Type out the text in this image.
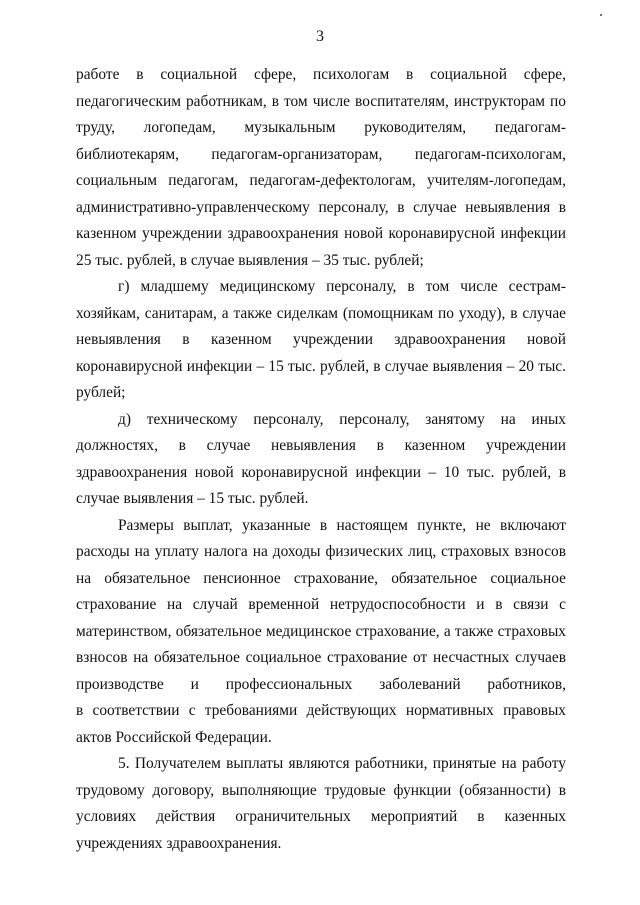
3
работе в социальной сфере, психологам в социальной сфере,
педагогическим работникам, в том числе воспитателям, инструкторам по
труду, логопедам, музыкальным руководителям, педагогам-
библиотекарям, педагогам-организаторам, педагогам-психологам,
социальным педагогам, педагогам-дефектологам, учителям-логопедам,
административно-управленческому персоналу, в случае невыявления в
казенном учреждении здравоохранения новой коронавирусной инфекции
25 тыс. рублей, в случае выявления – 35 тыс. рублей;
г) младшему медицинскому персоналу, в том числе сестрам-
хозяйкам, санитарам, а также сиделкам (помощникам по уходу), в случае
невыявления в казенном учреждении здравоохранения новой
коронавирусной инфекции – 15 тыс. рублей, в случае выявления – 20 тыс.
рублей;
д) техническому персоналу, персоналу, занятому на иных
должностях, в случае невыявления в казенном учреждении
здравоохранения новой коронавирусной инфекции – 10 тыс. рублей, в
случае выявления – 15 тыс. рублей.
Размеры выплат, указанные в настоящем пункте, не включают
расходы на уплату налога на доходы физических лиц, страховых взносов
на обязательное пенсионное страхование, обязательное социальное
страхование на случай временной нетрудоспособности и в связи с
материнством, обязательное медицинское страхование, а также страховых
взносов на обязательное социальное страхование от несчастных случаев
производстве и профессиональных заболеваний работников,
в соответствии с требованиями действующих нормативных правовых
актов Российской Федерации.
5. Получателем выплаты являются работники, принятые на работу
трудовому договору, выполняющие трудовые функции (обязанности) в
условиях действия ограничительных мероприятий в казенных
учреждениях здравоохранения.
